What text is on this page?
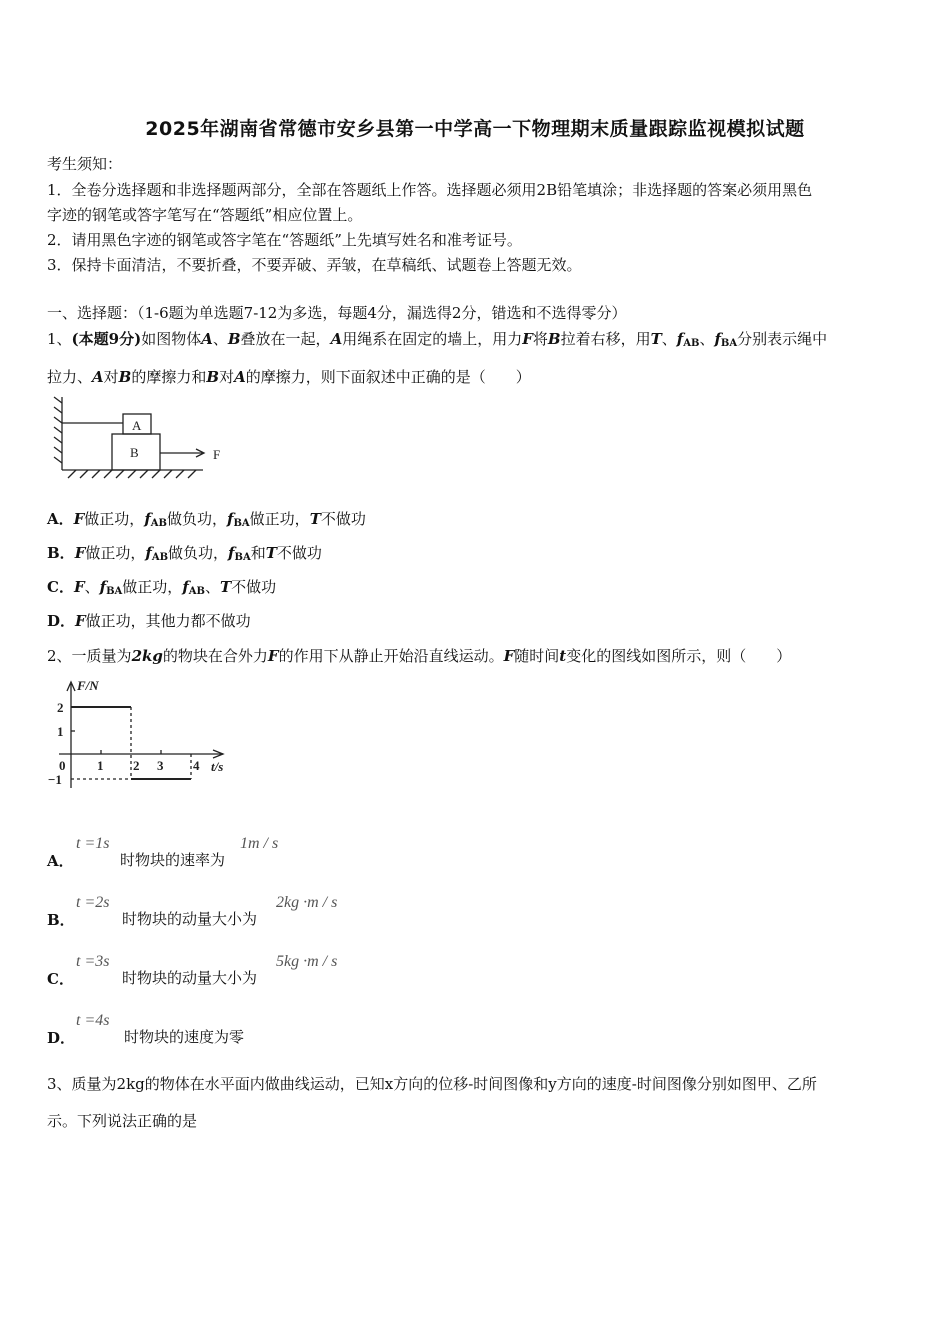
2025年湖南省常德市安乡县第一中学高一下物理期末质量跟踪监视模拟试题
考生须知：
1．全卷分选择题和非选择题两部分，全部在答题纸上作答。选择题必须用2B铅笔填涂；非选择题的答案必须用黑色
字迹的钢笔或答字笔写在“答题纸”相应位置上。
2．请用黑色字迹的钢笔或答字笔在“答题纸”上先填写姓名和准考证号。
3．保持卡面清洁，不要折叠，不要弄破、弄皱，在草稿纸、试题卷上答题无效。
一、选择题：（1-6题为单选题7-12为多选，每题4分，漏选得2分，错选和不选得零分）
1、(本题9分)如图物体A、B叠放在一起，A用绳系在固定的墙上，用力F将B拉着右移，用T、$f_{AB}$、$f_{BA}$分别表示绳中
拉力、A对B的摩擦力和B对A的摩擦力，则下面叙述中正确的是（　　）
A
B	F
A．F做正功，$f_{AB}$做负功，$f_{BA}$做正功，T不做功
B．F做正功，$f_{AB}$做负功，$f_{BA}$和T不做功
C．F、$f_{BA}$做正功，$f_{AB}$、T不做功
D．F做正功，其他力都不做功
2、一质量为2kg的物块在合外力F的作用下从静止开始沿直线运动。F随时间t变化的图线如图所示，则（　　）
F/N
t/s
2
1
0
−1
1 2 3 4
A．
t =1s
时物块的速率为
1m / s
B．
t =2s
时物块的动量大小为
2kg ·m / s
C．
t =3s
时物块的动量大小为
5kg ·m / s
D．
t =4s
时物块的速度为零
3、质量为2kg的物体在水平面内做曲线运动，已知x方向的位移-时间图像和y方向的速度-时间图像分别如图甲、乙所
示。下列说法正确的是
